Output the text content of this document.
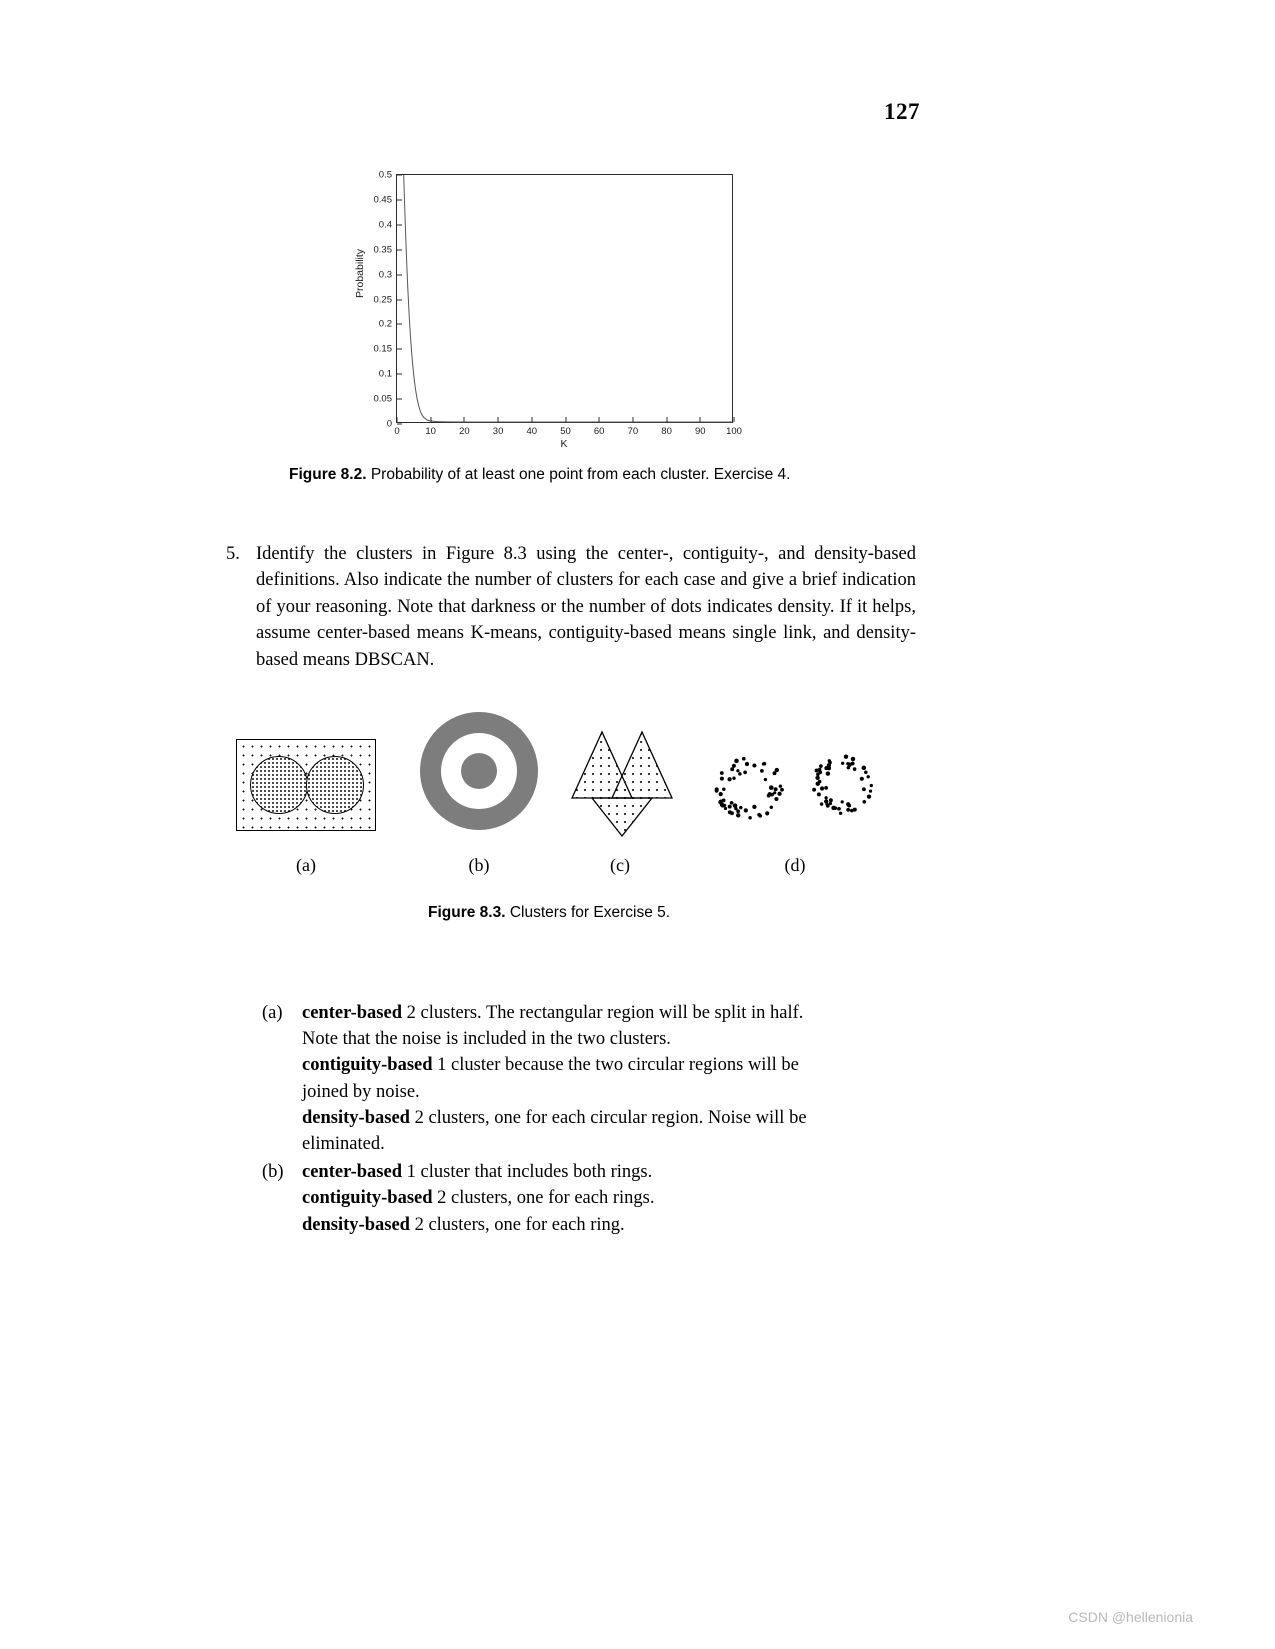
127
Probability
0
0.05
0.1
0.15
0.2
0.25
0.3
0.35
0.4
0.45
0.5
0	10 20 30 40 50 60 70 80 90 100
K
Figure 8.2. Probability of at least one point from each cluster. Exercise 4.
5. Identify the clusters in Figure 8.3 using the center-, contiguity-, and density-based definitions. Also indicate the number of clusters for each case and give a brief indication of your reasoning. Note that darkness or the number of dots indicates density. If it helps, assume center-based means K-means, contiguity-based means single link, and density-based means DBSCAN.
(a)	(b)	(c)	(d)
Figure 8.3. Clusters for Exercise 5.
(a)	center-based 2 clusters. The rectangular region will be split in half.
Note that the noise is included in the two clusters.
contiguity-based 1 cluster because the two circular regions will be
joined by noise.
density-based 2 clusters, one for each circular region. Noise will be
eliminated.
(b) center-based 1 cluster that includes both rings.
contiguity-based 2 clusters, one for each rings.
density-based 2 clusters, one for each ring.
CSDN @hellenionia
